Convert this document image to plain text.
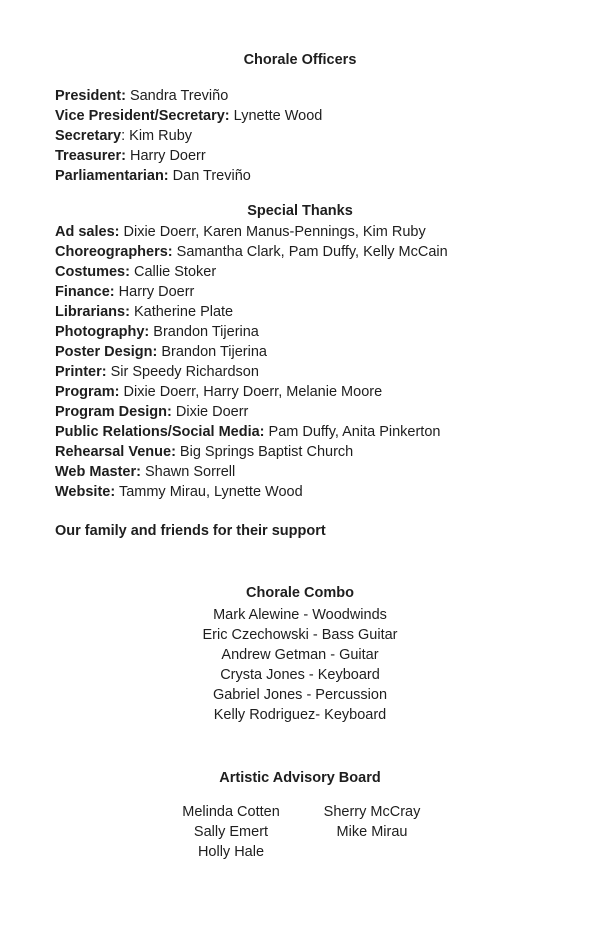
Chorale Officers
President: Sandra Treviño
Vice President/Secretary: Lynette Wood
Secretary: Kim Ruby
Treasurer: Harry Doerr
Parliamentarian: Dan Treviño
Special Thanks
Ad sales: Dixie Doerr, Karen Manus-Pennings, Kim Ruby
Choreographers: Samantha Clark, Pam Duffy, Kelly McCain
Costumes: Callie Stoker
Finance: Harry Doerr
Librarians: Katherine Plate
Photography: Brandon Tijerina
Poster Design: Brandon Tijerina
Printer: Sir Speedy Richardson
Program: Dixie Doerr, Harry Doerr, Melanie Moore
Program Design: Dixie Doerr
Public Relations/Social Media: Pam Duffy, Anita Pinkerton
Rehearsal Venue: Big Springs Baptist Church
Web Master: Shawn Sorrell
Website: Tammy Mirau, Lynette Wood
Our family and friends for their support
Chorale Combo
Mark Alewine - Woodwinds
Eric Czechowski - Bass Guitar
Andrew Getman - Guitar
Crysta Jones - Keyboard
Gabriel Jones - Percussion
Kelly Rodriguez- Keyboard
Artistic Advisory Board
Melinda Cotten
Sally Emert
Holly Hale
Sherry McCray
Mike Mirau
